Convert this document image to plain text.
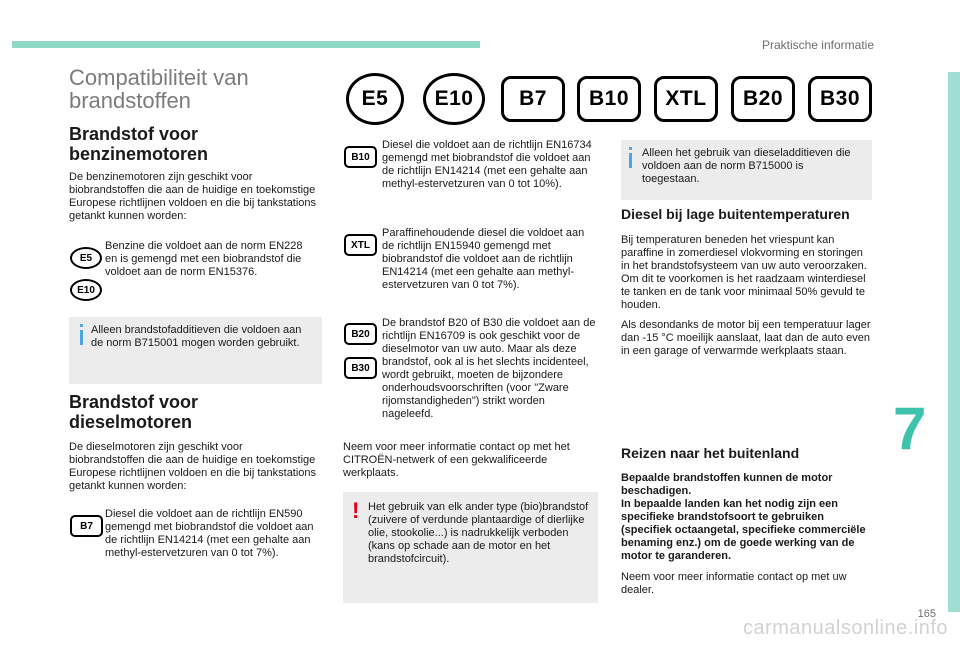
Praktische informatie
7
165
carmanualsonline.info
Compatibiliteit van brandstoffen	E5	E10	B7	B10	XTL	B20	B30
Brandstof voor benzinemotoren
De benzinemotoren zijn geschikt voor biobrandstoffen die aan de huidige en toekomstige Europese richtlijnen voldoen en die bij tankstations getankt kunnen worden:
E5
E10
Benzine die voldoet aan de norm EN228 en is gemengd met een biobrandstof die voldoet aan de norm EN15376.
Alleen brandstofadditieven die voldoen aan de norm B715001 mogen worden gebruikt.
Brandstof voor dieselmotoren
De dieselmotoren zijn geschikt voor biobrandstoffen die aan de huidige en toekomstige Europese richtlijnen voldoen en die bij tankstations getankt kunnen worden:
B7
Diesel die voldoet aan de richtlijn EN590 gemengd met biobrandstof die voldoet aan de richtlijn EN14214 (met een gehalte aan methyl-estervetzuren van 0 tot 7%).
B10
Diesel die voldoet aan de richtlijn EN16734 gemengd met biobrandstof die voldoet aan de richtlijn EN14214 (met een gehalte aan methyl-estervetzuren van 0 tot 10%).
XTL
Paraffinehoudende diesel die voldoet aan de richtlijn EN15940 gemengd met biobrandstof die voldoet aan de richtlijn EN14214 (met een gehalte aan methyl-estervetzuren van 0 tot 7%).
B20
B30
De brandstof B20 of B30 die voldoet aan de richtlijn EN16709 is ook geschikt voor de dieselmotor van uw auto. Maar als deze brandstof, ook al is het slechts incidenteel, wordt gebruikt, moeten de bijzondere onderhoudsvoorschriften (voor "Zware rijomstandigheden") strikt worden nageleefd.
Neem voor meer informatie contact op met het CITROËN-netwerk of een gekwalificeerde werkplaats.
! Het gebruik van elk ander type (bio)brandstof (zuivere of verdunde plantaardige of dierlijke olie, stookolie...) is nadrukkelijk verboden (kans op schade aan de motor en het brandstofcircuit).
Alleen het gebruik van dieseladditieven die voldoen aan de norm B715000 is toegestaan.
Diesel bij lage buitentemperaturen
Bij temperaturen beneden het vriespunt kan paraffine in zomerdiesel vlokvorming en storingen in het brandstofsysteem van uw auto veroorzaken. Om dit te voorkomen is het raadzaam winterdiesel te tanken en de tank voor minimaal 50% gevuld te houden.
Als desondanks de motor bij een temperatuur lager dan -15 °C moeilijk aanslaat, laat dan de auto even in een garage of verwarmde werkplaats staan.
Reizen naar het buitenland
Bepaalde brandstoffen kunnen de motor beschadigen.
In bepaalde landen kan het nodig zijn een specifieke brandstofsoort te gebruiken (specifiek octaangetal, specifieke commerciële benaming enz.) om de goede werking van de motor te garanderen.
Neem voor meer informatie contact op met uw dealer.
